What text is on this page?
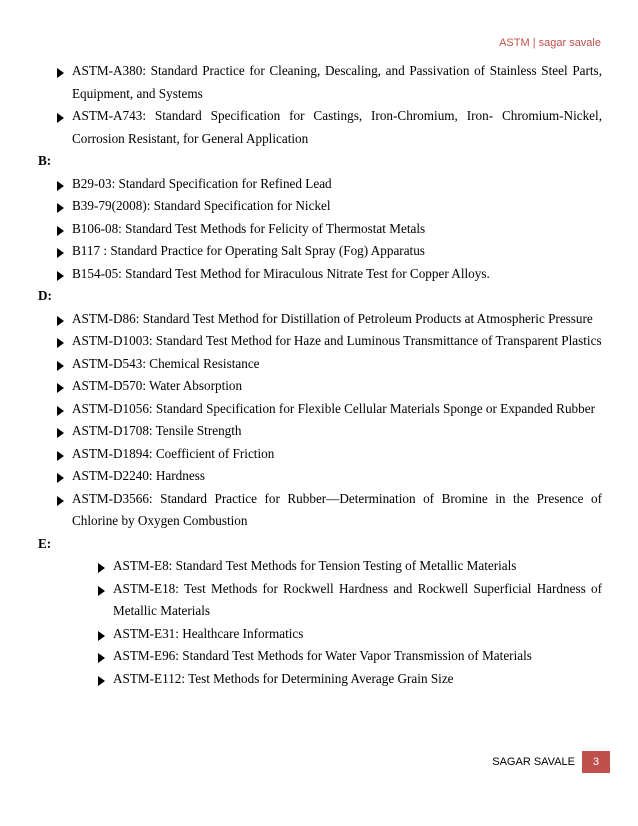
ASTM | sagar savale
ASTM-A380: Standard Practice for Cleaning, Descaling, and Passivation of Stainless Steel Parts, Equipment, and Systems
ASTM-A743: Standard Specification for Castings, Iron-Chromium, Iron- Chromium-Nickel, Corrosion Resistant, for General Application
B:
B29-03: Standard Specification for Refined Lead
B39-79(2008): Standard Specification for Nickel
B106-08: Standard Test Methods for Felicity of Thermostat Metals
B117 : Standard Practice for Operating Salt Spray (Fog) Apparatus
B154-05: Standard Test Method for Miraculous Nitrate Test for Copper Alloys.
D:
ASTM-D86: Standard Test Method for Distillation of Petroleum Products at Atmospheric Pressure
ASTM-D1003: Standard Test Method for Haze and Luminous Transmittance of Transparent Plastics
ASTM-D543: Chemical Resistance
ASTM-D570: Water Absorption
ASTM-D1056: Standard Specification for Flexible Cellular Materials Sponge or Expanded Rubber
ASTM-D1708: Tensile Strength
ASTM-D1894: Coefficient of Friction
ASTM-D2240: Hardness
ASTM-D3566: Standard Practice for Rubber—Determination of Bromine in the Presence of Chlorine by Oxygen Combustion
E:
ASTM-E8: Standard Test Methods for Tension Testing of Metallic Materials
ASTM-E18: Test Methods for Rockwell Hardness and Rockwell Superficial Hardness of Metallic Materials
ASTM-E31: Healthcare Informatics
ASTM-E96: Standard Test Methods for Water Vapor Transmission of Materials
ASTM-E112: Test Methods for Determining Average Grain Size
SAGAR SAVALE	3
